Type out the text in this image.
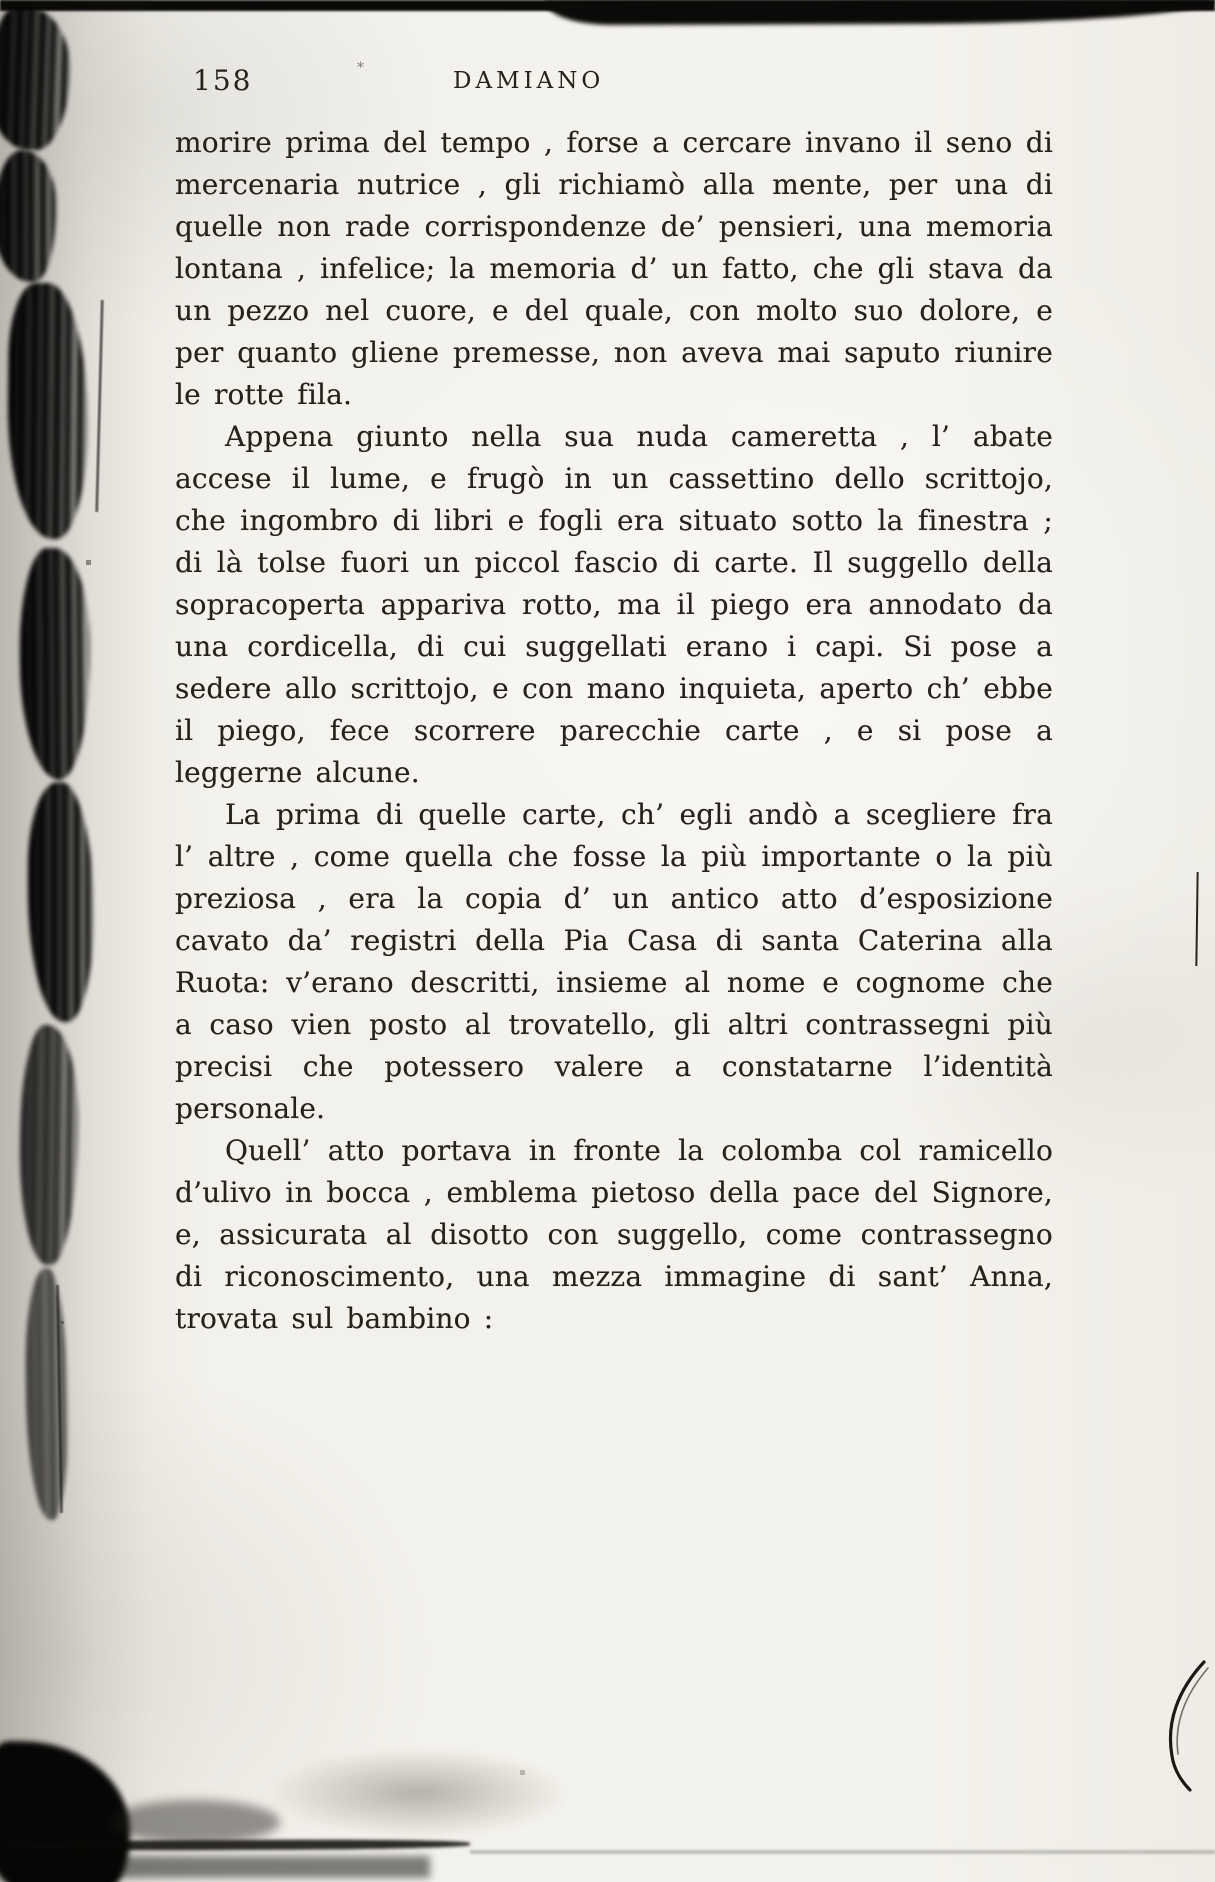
158	*	DAMIANO

morire prima del tempo , forse a cercare invano il seno di mercenaria nutrice , gli richiamò alla mente, per una di quelle non rade corrispondenze de’ pensieri, una memoria lontana , infelice; la memoria d’ un fatto, che gli stava da un pezzo nel cuore, e del quale, con molto suo dolore, e per quanto gliene premesse, non aveva mai saputo riunire le rotte fila.

Appena giunto nella sua nuda cameretta , l’ abate accese il lume, e frugò in un cassettino dello scrittojo, che ingombro di libri e fogli era situato sotto la finestra ; di là tolse fuori un piccol fascio di carte. Il suggello della sopracoperta appariva rotto, ma il piego era annodato da una cordicella, di cui suggellati erano i capi. Si pose a sedere allo scrittojo, e con mano inquieta, aperto ch’ ebbe il piego, fece scorrere parecchie carte , e si pose a leggerne alcune.

La prima di quelle carte, ch’ egli andò a scegliere fra l’ altre , come quella che fosse la più importante o la più preziosa , era la copia d’ un antico atto d’esposizione cavato da’ registri della Pia Casa di santa Caterina alla Ruota: v’erano descritti, insieme al nome e cognome che a caso vien posto al trovatello, gli altri contrassegni più precisi che potessero valere a constatarne l’identità personale.

Quell’ atto portava in fronte la colomba col ramicello d’ulivo in bocca , emblema pietoso della pace del Signore, e, assicurata al disotto con suggello, come contrassegno di riconoscimento, una mezza immagine di sant’ Anna, trovata sul bambino :
